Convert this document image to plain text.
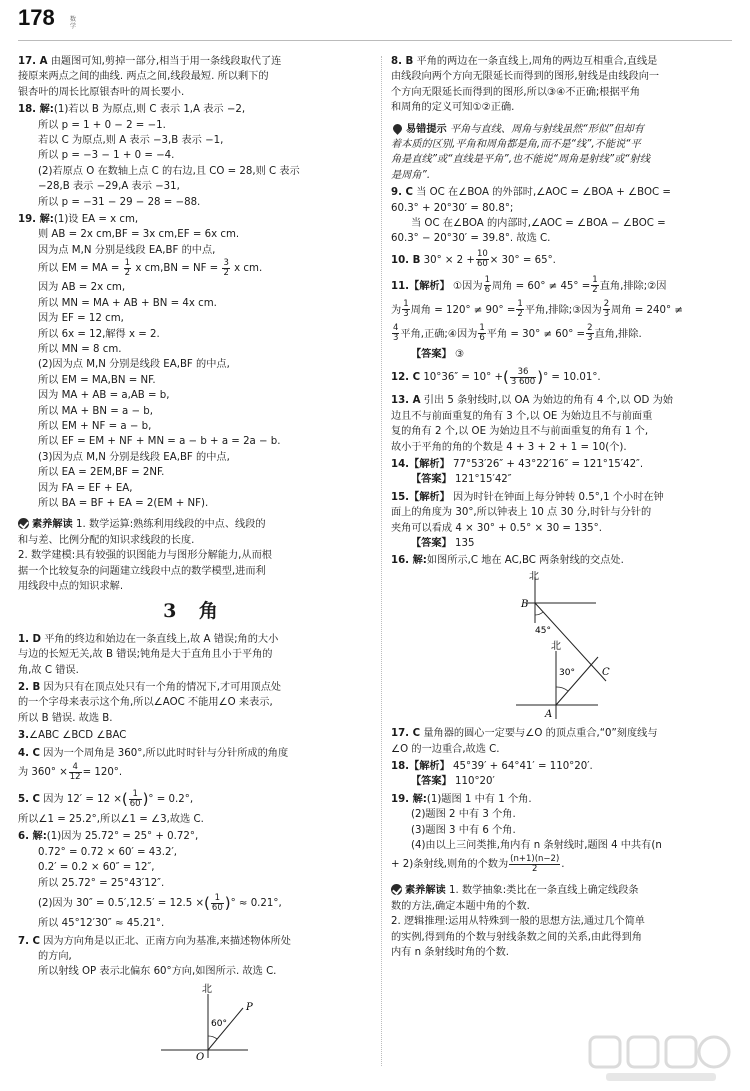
178	数学
17. A 由题图可知,剪掉一部分,相当于用一条线段取代了连
接原来两点之间的曲线. 两点之间,线段最短. 所以剩下的
银杏叶的周长比原银杏叶的周长要小.
18. 解:(1)若以 B 为原点,则 C 表示 1,A 表示 −2,
所以 p = 1 + 0 − 2 = −1.
若以 C 为原点,则 A 表示 −3,B 表示 −1,
所以 p = −3 − 1 + 0 = −4.
(2)若原点 O 在数轴上点 C 的右边,且 CO = 28,则 C 表示
−28,B 表示 −29,A 表示 −31,
所以 p = −31 − 29 − 28 = −88.
19. 解:(1)设 EA = x cm,
则 AB = 2x cm,BF = 3x cm,EF = 6x cm.
因为点 M,N 分别是线段 EA,BF 的中点,
所以 EM = MA = $\frac{1}{2}$ x cm,BN = NF = $\frac{3}{2}$ x cm.
因为 AB = 2x cm,
所以 MN = MA + AB + BN = 4x cm.
因为 EF = 12 cm,
所以 6x = 12,解得 x = 2.
所以 MN = 8 cm.
(2)因为点 M,N 分别是线段 EA,BF 的中点,
所以 EM = MA,BN = NF.
因为 MA + AB = a,AB = b,
所以 MA + BN = a − b,
所以 EM + NF = a − b,
所以 EF = EM + NF + MN = a − b + a = 2a − b.
(3)因为点 M,N 分别是线段 EA,BF 的中点,
所以 EA = 2EM,BF = 2NF.
因为 FA = EF + EA,
所以 BA = BF + EA = 2(EM + NF).
素养解读 1. 数学运算:熟练利用线段的中点、线段的
和与差、比例分配的知识求线段的长度.
2. 数学建模:具有较强的识图能力与图形分解能力,从而根
据一个比较复杂的问题建立线段中点的数学模型,进而利
用线段中点的知识求解.
3 角
1. D 平角的终边和始边在一条直线上,故 A 错误;角的大小
与边的长短无关,故 B 错误;钝角是大于直角且小于平角的
角,故 C 错误.
2. B 因为只有在顶点处只有一个角的情况下,才可用顶点处
的一个字母来表示这个角,所以∠AOC 不能用∠O 来表示,
所以 B 错误. 故选 B.
3.∠ABC ∠BCD ∠BAC
4. C 因为一个周角是 360°,所以此时时针与分针所成的角度
为 $360^\circ \times \frac{4}{12} = 120^\circ$.
5. C 因为 12′ = 12 ×( $\frac{1}{60}$ )° = 0.2°,
所以∠1 = 25.2°,所以∠1 = ∠3,故选 C.
6. 解:(1)因为 25.72° = 25° + 0.72°,
0.72° = 0.72 × 60′ = 43.2′,
0.2′ = 0.2 × 60″ = 12″,
所以 25.72° = 25°43′12″.
(2)因为 30″ = 0.5′,12.5′ = 12.5 ×( $\frac{1}{60}$ )° ≈ 0.21°,
所以 45°12′30″ ≈ 45.21°.
7. C 因为方向角是以正北、正南方向为基准,来描述物体所处
的方向,
所以射线 OP 表示北偏东 60°方向,如图所示. 故选 C.
北
60°
P
O
8. B 平角的两边在一条直线上,周角的两边互相重合,直线是
由线段向两个方向无限延长而得到的图形,射线是由线段向一
个方向无限延长而得到的图形,所以③④不正确;根据平角
和周角的定义可知①②正确.
易错提示 平角与直线、周角与射线虽然“形似”但却有
着本质的区别,平角和周角都是角,而不是“线”,不能说“平
角是直线”或“直线是平角”,也不能说“周角是射线”或“射线
是周角”.
9. C 当 OC 在∠BOA 的外部时,∠AOC = ∠BOA + ∠BOC =
60.3° + 20°30′ = 80.8°;
当 OC 在∠BOA 的内部时,∠AOC = ∠BOA − ∠BOC =
60.3° − 20°30′ = 39.8°. 故选 C.
10. B $30^\circ \times 2 + \frac{10}{60} \times 30^\circ = 65^\circ$.
11.【解析】 ①因为 $\frac{1}{6}$ 周角 = $60^\circ \ne 45^\circ = \frac{1}{2}$ 直角,排除;②因
为 $\frac{1}{3}$ 周角 = $120^\circ \ne 90^\circ = \frac{1}{2}$ 平角,排除;③因为 $\frac{2}{3}$ 周角 = 240° ≠
$\frac{4}{3}$ 平角,正确;④因为 $\frac{1}{6}$ 平角 = $30^\circ \ne 60^\circ = \frac{2}{3}$ 直角,排除.
【答案】 ③
12. C 10°36″ = 10° +( $\frac{36}{3 600}$ )° = 10.01°.
13. A 引出 5 条射线时,以 OA 为始边的角有 4 个,以 OD 为始
边且不与前面重复的角有 3 个,以 OE 为始边且不与前面重
复的角有 2 个,以 OE 为始边且不与前面重复的角有 1 个,
故小于平角的角的个数是 4 + 3 + 2 + 1 = 10(个).
14.【解析】 77°53′26″ + 43°22′16″ = 121°15′42″.
【答案】 121°15′42″
15.【解析】 因为时针在钟面上每分钟转 0.5°,1 个小时在钟
面上的角度为 30°,所以钟表上 10 点 30 分,时针与分针的
夹角可以看成 4 × 30° + 0.5° × 30 = 135°.
【答案】 135
16. 解:如图所示,C 地在 AC,BC 两条射线的交点处.
北
B
45°
北
30°	C
A
17. C 量角器的圆心一定要与∠O 的顶点重合,“0”刻度线与
∠O 的一边重合,故选 C.
18.【解析】 45°39′ + 64°41′ = 110°20′.
【答案】 110°20′
19. 解:(1)题图 1 中有 1 个角.
(2)题图 2 中有 3 个角.
(3)题图 3 中有 6 个角.
(4)由以上三问类推,角内有 n 条射线时,题图 4 中共有(n
+ 2)条射线,则角的个数为 $\frac{(n+1)(n-2)}{2}$ .
素养解读 1. 数学抽象:类比在一条直线上确定线段条
数的方法,确定本题中角的个数.
2. 逻辑推理:运用从特殊到一般的思想方法,通过几个简单
的实例,得到角的个数与射线条数之间的关系,由此得到角
内有 n 条射线时角的个数.
